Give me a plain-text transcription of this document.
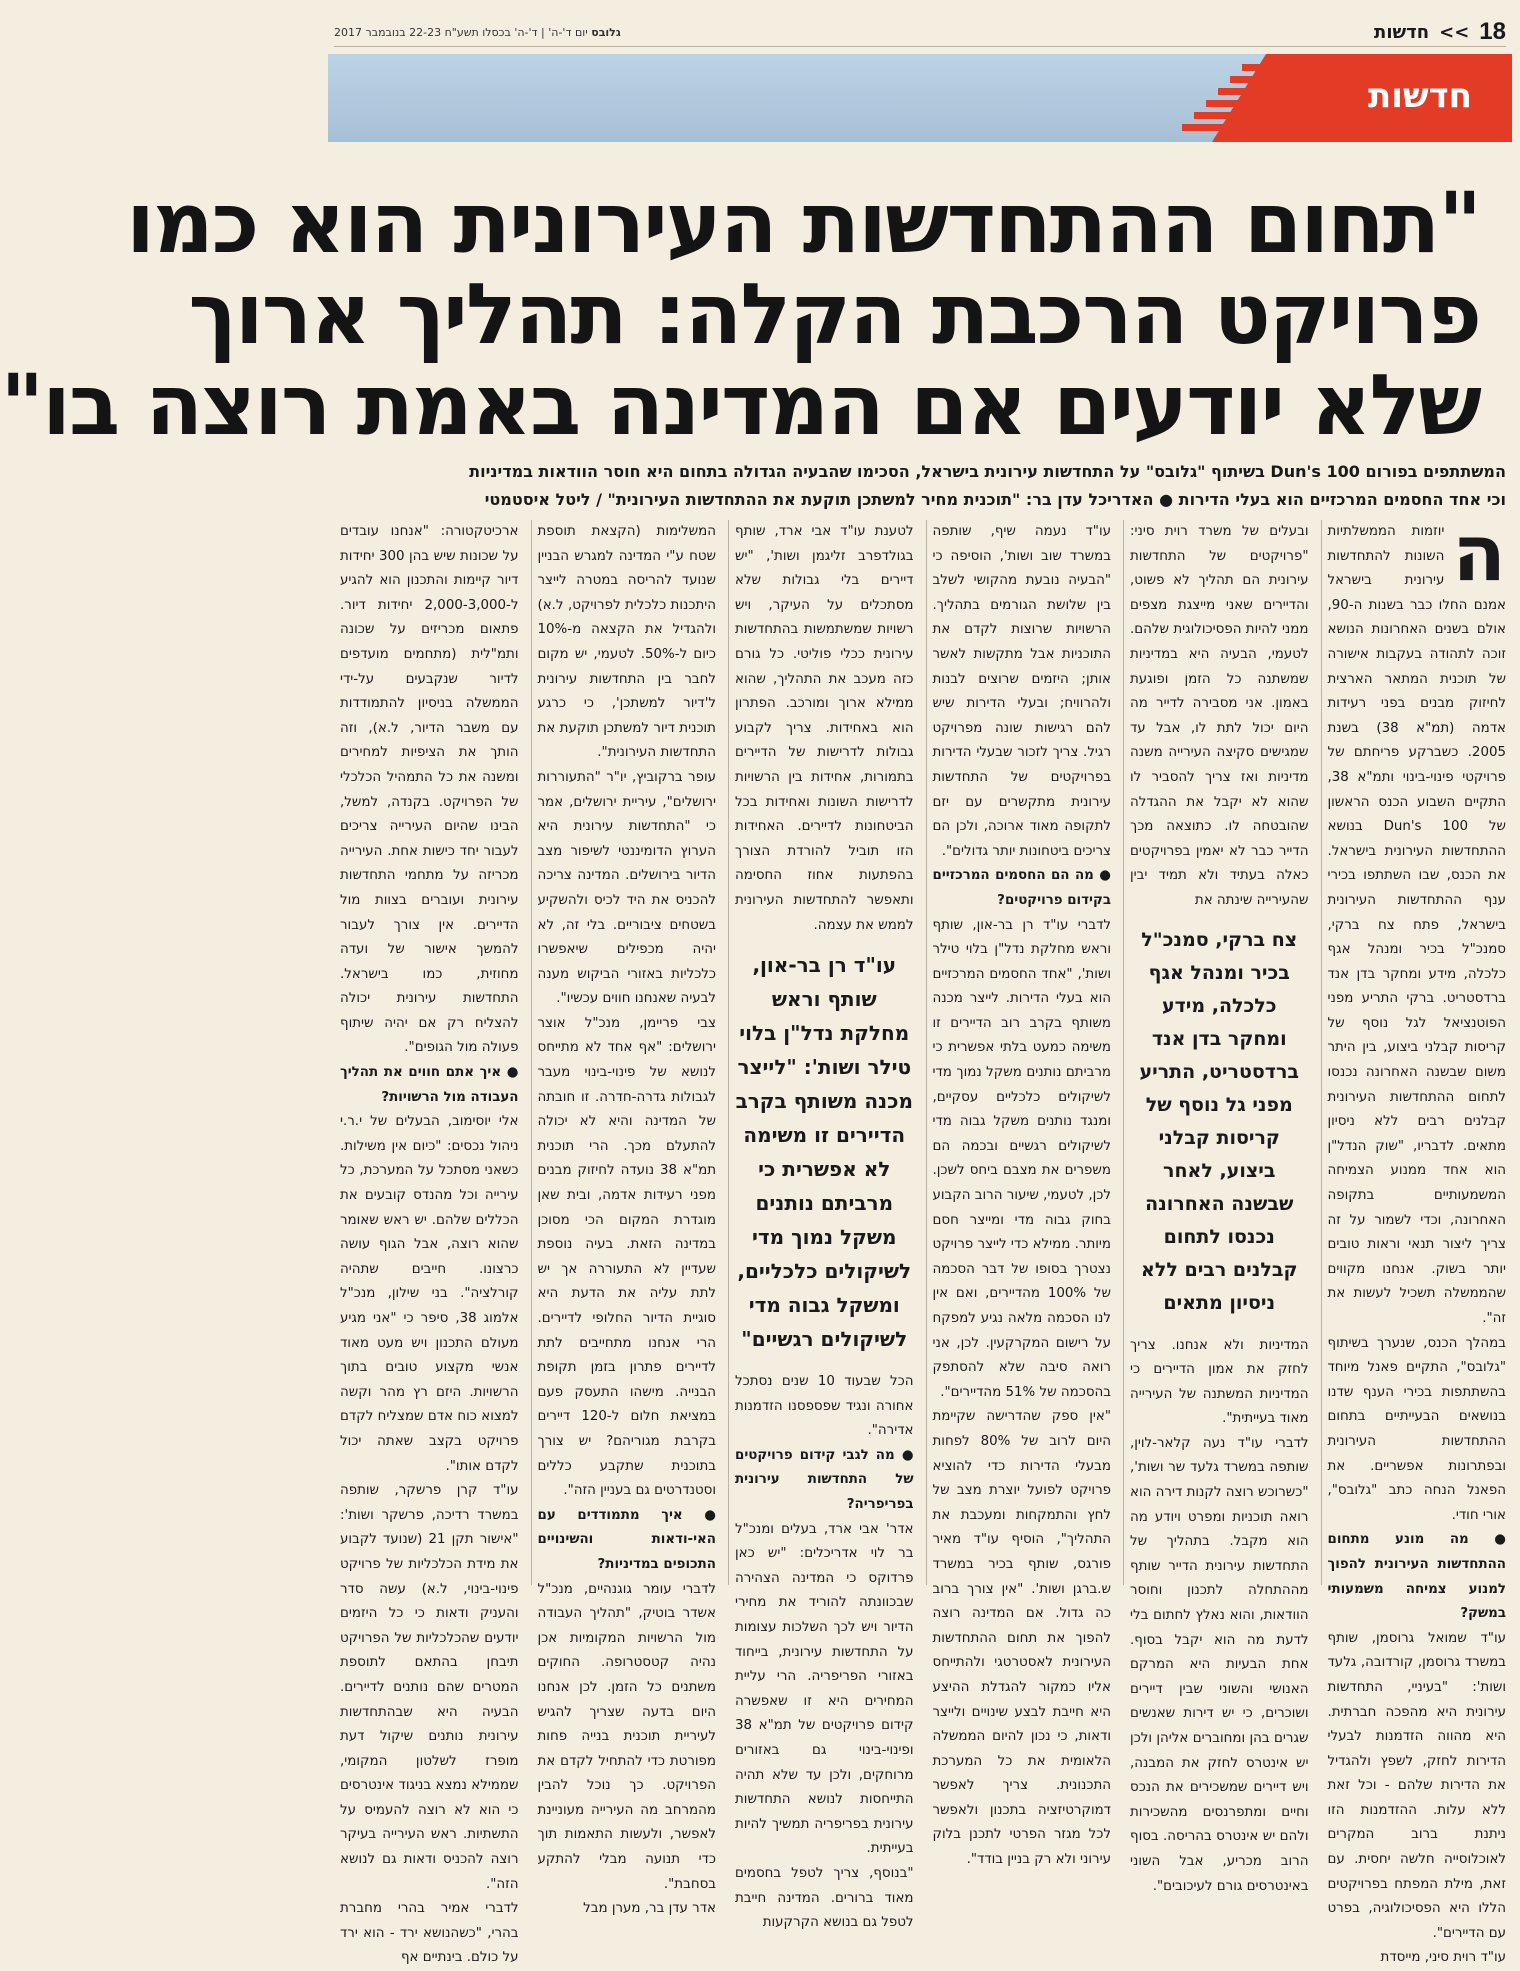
18
>>
חדשות
גלובס יום ד'-ה' | ד'-ה' בכסלו תשע"ח 22-23 בנובמבר 2017
חדשות
"תחום ההתחדשות העירונית הוא כמו
פרויקט הרכבת הקלה: תהליך ארוך
שלא יודעים אם המדינה באמת רוצה בו"
המשתתפים בפורום Dun's 100 בשיתוף "גלובס" על התחדשות עירונית בישראל, הסכימו שהבעיה הגדולה בתחום היא חוסר הוודאות במדיניות
וכי אחד החסמים המרכזיים הוא בעלי הדירות ● האדריכל עדן בר: "תוכנית מחיר למשתכן תוקעת את ההתחדשות העירונית" / ליטל איסטמטי
ה

יוזמות הממשלתיות השונות להתחדשות עירונית בישראל אמנם החלו כבר בשנות ה-90, אולם בשנים האחרונות הנושא זוכה לתהודה בעקבות אישורה של תוכנית המתאר הארצית לחיזוק מבנים בפני רעידות אדמה (תמ"א 38) בשנת 2005. כשברקע פריחתם של פרויקטי פינוי-בינוי ותמ"א 38, התקיים השבוע הכנס הראשון של Dun's 100 בנושא ההתחדשות העירונית בישראל. את הכנס, שבו השתתפו בכירי ענף ההתחדשות העירונית בישראל, פתח צח ברקי, סמנכ"ל בכיר ומנהל אגף כלכלה, מידע ומחקר בדן אנד ברדסטריט. ברקי התריע מפני הפוטנציאל לגל נוסף של קריסות קבלני ביצוע, בין היתר משום שבשנה האחרונה נכנסו לתחום ההתחדשות העירונית קבלנים רבים ללא ניסיון מתאים. לדבריו, "שוק הנדל"ן הוא אחד ממנוע הצמיחה המשמעותיים בתקופה האחרונה, וכדי לשמור על זה צריך ליצור תנאי וראות טובים יותר בשוק. אנחנו מקווים שהממשלה תשכיל לעשות את זה".

במהלך הכנס, שנערך בשיתוף "גלובס", התקיים פאנל מיוחד בהשתתפות בכירי הענף שדנו בנושאים הבעייתיים בתחום ההתחדשות העירונית ובפתרונות אפשריים. את הפאנל הנחה כתב "גלובס", אורי חודי.

● מה מונע מתחום ההתחדשות העירונית להפוך למנוע צמיחה משמעותי במשק?

עו"ד שמואל גרוסמן, שותף במשרד גרוסמן, קורדובה, גלעד ושות': "בעיניי, התחדשות עירונית היא מהפכה חברתית. היא מהווה הזדמנות לבעלי הדירות לחזק, לשפץ ולהגדיל את הדירות שלהם - וכל זאת ללא עלות. ההזדמנות הזו ניתנת ברוב המקרים לאוכלוסייה חלשה יחסית. עם זאת, מילת המפתח בפרויקטים הללו היא הפסיכולוגיה, בפרט עם הדיירים".

עו"ד רוית סיני, מייסדת

ובעלים של משרד רוית סיני: "פרויקטים של התחדשות עירונית הם תהליך לא פשוט, והדיירים שאני מייצגת מצפים ממני להיות הפסיכולוגית שלהם. לטעמי, הבעיה היא במדיניות שמשתנה כל הזמן ופוגעת באמון. אני מסבירה לדייר מה היום יכול לתת לו, אבל עד שמגישים סקיצה העירייה משנה מדיניות ואז צריך להסביר לו שהוא לא יקבל את ההגדלה שהובטחה לו. כתוצאה מכך הדייר כבר לא יאמין בפרויקטים כאלה בעתיד ולא תמיד יבין שהעירייה שינתה את

צח ברקי, סמנכ"ל בכיר ומנהל אגף כלכלה, מידע ומחקר בדן אנד ברדסטריט, התריע מפני גל נוסף של קריסות קבלני ביצוע, לאחר שבשנה האחרונה נכנסו לתחום קבלנים רבים ללא ניסיון מתאים

המדיניות ולא אנחנו. צריך לחזק את אמון הדיירים כי המדיניות המשתנה של העירייה מאוד בעייתית".

לדברי עו"ד נעה קלאר-לוין, שותפה במשרד גלעד שר ושות', "כשרוכש רוצה לקנות דירה הוא רואה תוכניות ומפרט ויודע מה הוא מקבל. בתהליך של התחדשות עירונית הדייר שותף מההתחלה לתכנון וחוסר הוודאות, והוא נאלץ לחתום בלי לדעת מה הוא יקבל בסוף. אחת הבעיות היא המרקם האנושי והשוני שבין דיירים ושוכרים, כי יש דירות שאנשים שגרים בהן ומחוברים אליהן ולכן יש אינטרס לחזק את המבנה, ויש דיירים שמשכירים את הנכס וחיים ומתפרנסים מהשכירות ולהם יש אינטרס בהריסה. בסוף הרוב מכריע, אבל השוני באינטרסים גורם לעיכובים".

עו"ד נעמה שיף, שותפה במשרד שוב ושות', הוסיפה כי "הבעיה נובעת מהקושי לשלב בין שלושת הגורמים בתהליך. הרשויות שרוצות לקדם את התוכניות אבל מתקשות לאשר אותן; היזמים שרוצים לבנות ולהרוויח; ובעלי הדירות שיש להם רגישות שונה מפרויקט רגיל. צריך לזכור שבעלי הדירות בפרויקטים של התחדשות עירונית מתקשרים עם יזם לתקופה מאוד ארוכה, ולכן הם צריכים ביטחונות יותר גדולים".

● מה הם החסמים המרכזיים בקידום פרויקטים?

לדברי עו"ד רן בר-און, שותף וראש מחלקת נדל"ן בלוי טילר ושות', "אחד החסמים המרכזיים הוא בעלי הדירות. לייצר מכנה משותף בקרב רוב הדיירים זו משימה כמעט בלתי אפשרית כי מרביתם נותנים משקל נמוך מדי לשיקולים כלכליים עסקיים, ומנגד נותנים משקל גבוה מדי לשיקולים רגשיים ובכמה הם משפרים את מצבם ביחס לשכן. לכן, לטעמי, שיעור הרוב הקבוע בחוק גבוה מדי ומייצר חסם מיותר. ממילא כדי לייצר פרויקט נצטרך בסופו של דבר הסכמה של 100% מהדיירים, ואם אין לנו הסכמה מלאה נגיע למפקח על רישום המקרקעין. לכן, אני רואה סיבה שלא להסתפק בהסכמה של 51% מהדיירים".

"אין ספק שהדרישה שקיימת היום לרוב של 80% לפחות מבעלי הדירות כדי להוציא פרויקט לפועל יוצרת מצב של לחץ והתמקחות ומעכבת את התהליך", הוסיף עו"ד מאיר פורגס, שותף בכיר במשרד ש.ברגן ושות'. "אין צורך ברוב כה גדול. אם המדינה רוצה להפוך את תחום ההתחדשות העירונית לאסטרטגי ולהתייחס אליו כמקור להגדלת ההיצע היא חייבת לבצע שינויים ולייצר ודאות, כי נכון להיום הממשלה הלאומית את כל המערכת התכנונית. צריך לאפשר דמוקרטיזציה בתכנון ולאפשר לכל מגזר הפרטי לתכנן בלוק עירוני ולא רק בניין בודד".

לטענת עו"ד אבי ארד, שותף בגולדפרב זליגמן ושות', "יש דיירים בלי גבולות שלא מסתכלים על העיקר, ויש רשויות שמשתמשות בהתחדשות עירונית ככלי פוליטי. כל גורם כזה מעכב את התהליך, שהוא ממילא ארוך ומורכב. הפתרון הוא באחידות. צריך לקבוע גבולות לדרישות של הדיירים בתמורות, אחידות בין הרשויות לדרישות השונות ואחידות בכל הביטחונות לדיירים. האחידות הזו תוביל להורדת הצורך בהפתעות אחוז החסימה ותאפשר להתחדשות העירונית לממש את עצמה.

עו"ד רן בר-און, שותף וראש מחלקת נדל"ן בלוי טילר ושות': "לייצר מכנה משותף בקרב הדיירים זו משימה לא אפשרית כי מרביתם נותנים משקל נמוך מדי לשיקולים כלכליים, ומשקל גבוה מדי לשיקולים רגשיים"

הכל שבעוד 10 שנים נסתכל אחורה ונגיד שפספסנו הזדמנות אדירה".

● מה לגבי קידום פרויקטים של התחדשות עירונית בפריפריה?

אדר' אבי ארד, בעלים ומנכ"ל בר לוי אדריכלים: "יש כאן פרדוקס כי המדינה הצהירה שבכוונתה להוריד את מחירי הדיור ויש לכך השלכות עצומות על התחדשות עירונית, בייחוד באזורי הפריפריה. הרי עליית המחירים היא זו שאפשרה קידום פרויקטים של תמ"א 38 ופינוי-בינוי גם באזורים מרוחקים, ולכן עד שלא תהיה התייחסות לנושא התחדשות עירונית בפריפריה תמשיך להיות בעייתית.

"בנוסף, צריך לטפל בחסמים מאוד ברורים. המדינה חייבת לטפל גם בנושא הקרקעות

המשלימות (הקצאת תוספת שטח ע"י המדינה למגרש הבניין שנועד להריסה במטרה לייצר היתכנות כלכלית לפרויקט, ל.א) ולהגדיל את הקצאה מ-10% כיום ל-50%. לטעמי, יש מקום לחבר בין התחדשות עירונית ל'דיור למשתכן', כי כרגע תוכנית דיור למשתכן תוקעת את התחדשות העירונית".

עופר ברקוביץ, יו"ר "התעוררות ירושלים", עיריית ירושלים, אמר כי "התחדשות עירונית היא הערוץ הדומיננטי לשיפור מצב הדיור בירושלים. המדינה צריכה להכניס את היד לכיס ולהשקיע בשטחים ציבוריים. בלי זה, לא יהיה מכפילים שיאפשרו כלכליות באזורי הביקוש מענה לבעיה שאנחנו חווים עכשיו".

צבי פריימן, מנכ"ל אוצר ירושלים: "אף אחד לא מתייחס לנושא של פינוי-בינוי מעבר לגבולות גדרה-חדרה. זו חובתה של המדינה והיא לא יכולה להתעלם מכך. הרי תוכנית תמ"א 38 נועדה לחיזוק מבנים מפני רעידות אדמה, ובית שאן מוגדרת המקום הכי מסוכן במדינה הזאת. בעיה נוספת שעדיין לא התעוררה אך יש לתת עליה את הדעת היא סוגיית הדיור החלופי לדיירים. הרי אנחנו מתחייבים לתת לדיירים פתרון בזמן תקופת הבנייה. מישהו התעסק פעם במציאת חלום ל-120 דיירים בקרבת מגוריהם? יש צורך בתוכנית שתקבע כללים וסטנדרטים גם בעניין הזה".

● איך מתמודדים עם האי-ודאות והשינויים התכופים במדיניות?

לדברי עומר גוגנהיים, מנכ"ל אשדר בוטיק, "תהליך העבודה מול הרשויות המקומיות אכן נהיה קטסטרופה. החוקים משתנים כל הזמן. לכן אנחנו היום בדעה שצריך להגיש לעיריית תוכנית בנייה פחות מפורטת כדי להתחיל לקדם את הפרויקט. כך נוכל להבין מהמרחב מה העירייה מעוניינת לאפשר, ולעשות התאמות תוך כדי תנועה מבלי להתקע בסחבת".

אדר עדן בר, מערן מבל

ארכיטקטורה: "אנחנו עובדים על שכונות שיש בהן 300 יחידות דיור קיימות והתכנון הוא להגיע ל-2,000-3,000 יחידות דיור. פתאום מכריזים על שכונה ותמ"לית (מתחמים מועדפים לדיור שנקבעים על-ידי הממשלה בניסיון להתמודדות עם משבר הדיור, ל.א), וזה הותך את הציפיות למחירים ומשנה את כל התמהיל הכלכלי של הפרויקט. בקנדה, למשל, הבינו שהיום העירייה צריכים לעבור יחד כישות אחת. העירייה מכריזה על מתחמי התחדשות עירונית ועוברים בצוות מול הדיירים. אין צורך לעבור להמשך אישור של ועדה מחוזית, כמו בישראל. התחדשות עירונית יכולה להצליח רק אם יהיה שיתוף פעולה מול הגופים".

● איך אתם חווים את תהליך העבודה מול הרשויות?

אלי יוסימוב, הבעלים של י.ר.י ניהול נכסים: "כיום אין משילות. כשאני מסתכל על המערכת, כל עירייה וכל מהנדס קובעים את הכללים שלהם. יש ראש שאומר שהוא רוצה, אבל הגוף עושה כרצונו. חייבים שתהיה קורלציה". בני שילון, מנכ"ל אלמוג 38, סיפר כי "אני מגיע מעולם התכנון ויש מעט מאוד אנשי מקצוע טובים בתוך הרשויות. היזם רץ מהר וקשה למצוא כוח אדם שמצליח לקדם פרויקט בקצב שאתה יכול לקדם אותו".

עו"ד קרן פרשקר, שותפה במשרד רדיכה, פרשקר ושות': "אישור תקן 21 (שנועד לקבוע את מידת הכלכליות של פרויקט פינוי-בינוי, ל.א) עשה סדר והעניק ודאות כי כל היזמים יודעים שהכלכליות של הפרויקט תיבחן בהתאם לתוספת המטרים שהם נותנים לדיירים. הבעיה היא שבהתחדשות עירונית נותנים שיקול דעת מופרז לשלטון המקומי, שממילא נמצא בניגוד אינטרסים כי הוא לא רוצה להעמיס על התשתיות. ראש העירייה בעיקר רוצה להכניס ודאות גם לנושא הזה".

לדברי אמיר בהרי מחברת בהרי, "כשהנושא ירד - הוא ירד על כולם. בינתיים אף
